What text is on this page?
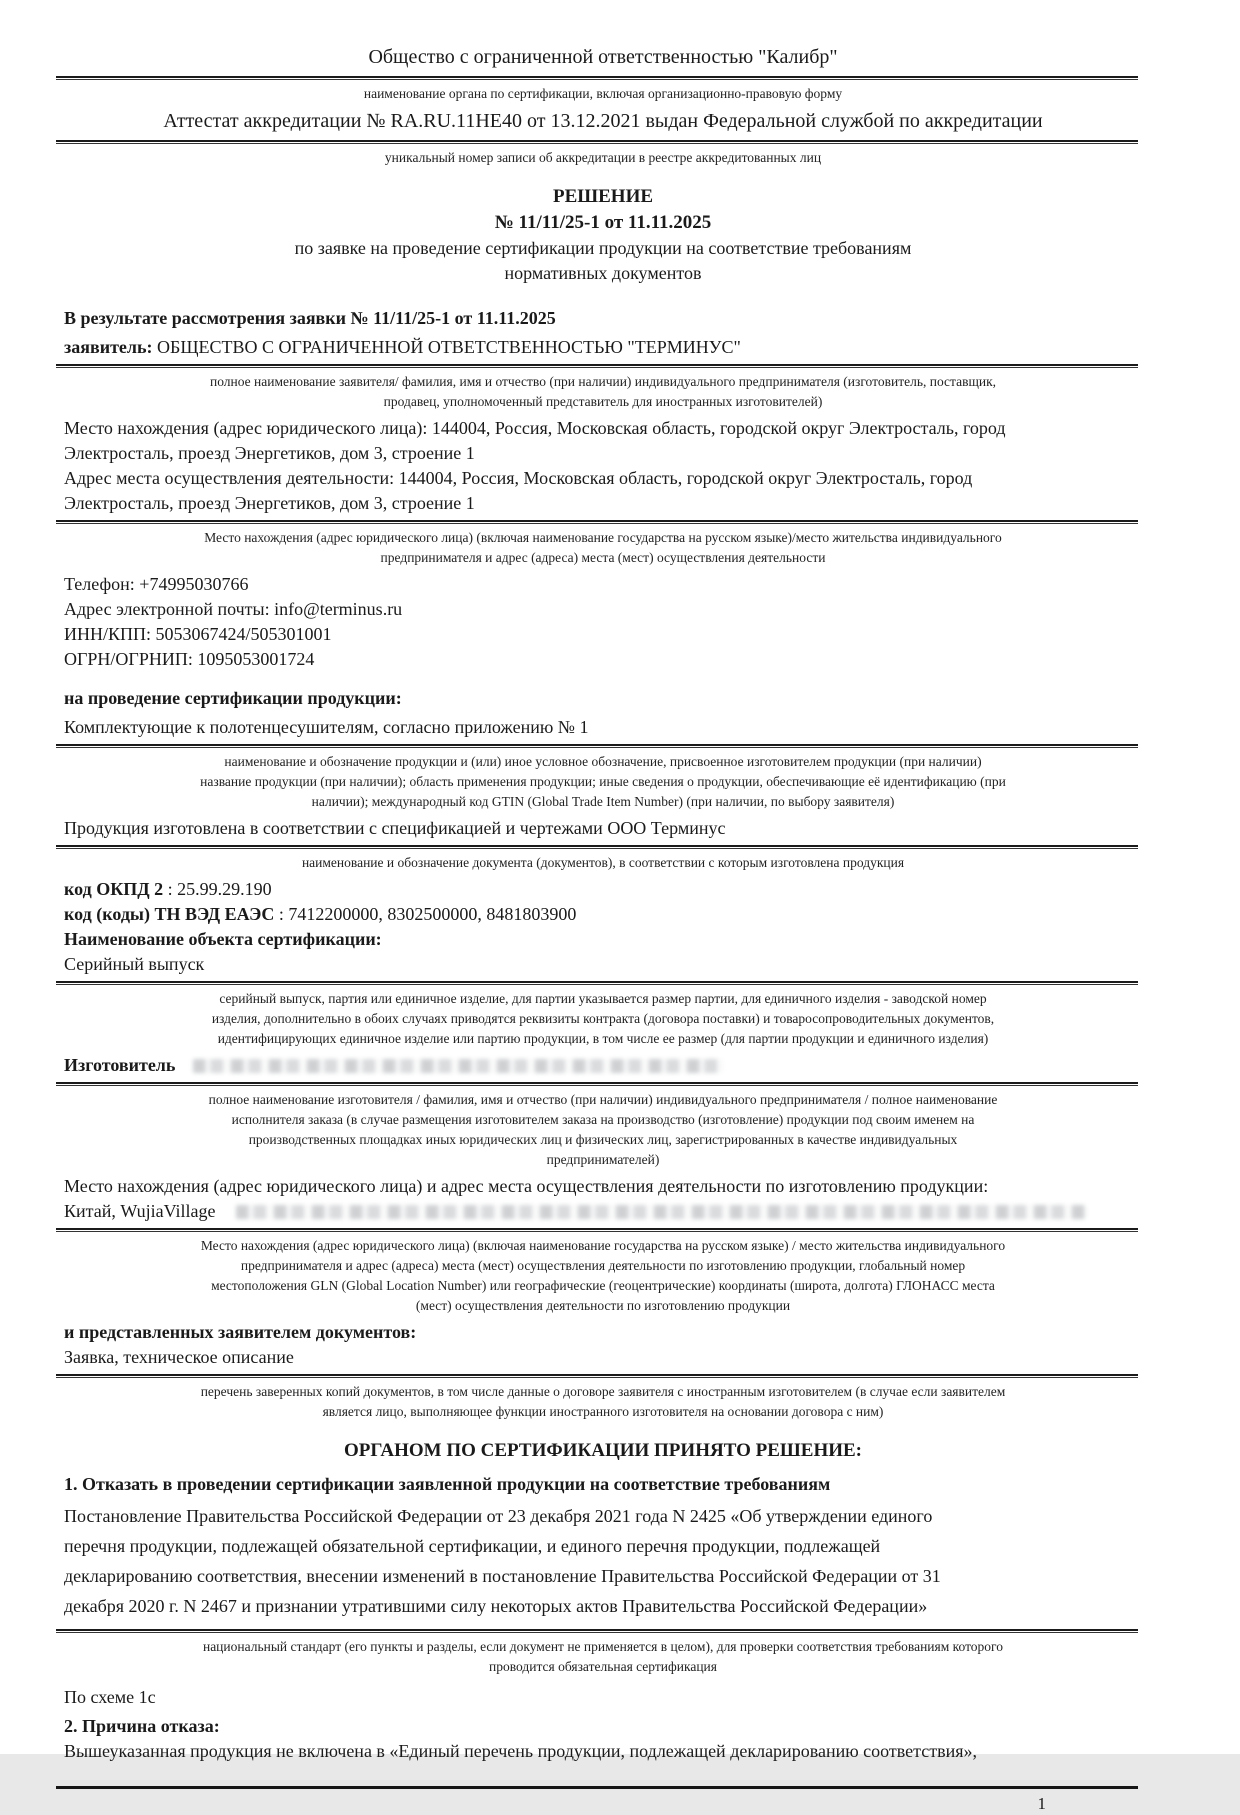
Общество с ограниченной ответственностью "Калибр"
наименование органа по сертификации, включая организационно-правовую форму
Аттестат аккредитации № RA.RU.11HE40 от 13.12.2021 выдан Федеральной службой по аккредитации
уникальный номер записи об аккредитации в реестре аккредитованных лиц
РЕШЕНИЕ
№ 11/11/25-1 от 11.11.2025
по заявке на проведение сертификации продукции на соответствие требованиям
нормативных документов
В результате рассмотрения заявки № 11/11/25-1 от 11.11.2025
заявитель: ОБЩЕСТВО С ОГРАНИЧЕННОЙ ОТВЕТСТВЕННОСТЬЮ "ТЕРМИНУС"
полное наименование заявителя/ фамилия, имя и отчество (при наличии) индивидуального предпринимателя (изготовитель, поставщик,
продавец, уполномоченный представитель для иностранных изготовителей)
Место нахождения (адрес юридического лица): 144004, Россия, Московская область, городской округ Электросталь, город
Электросталь, проезд Энергетиков, дом 3, строение 1
Адрес места осуществления деятельности: 144004, Россия, Московская область, городской округ Электросталь, город
Электросталь, проезд Энергетиков, дом 3, строение 1
Место нахождения (адрес юридического лица) (включая наименование государства на русском языке)/место жительства индивидуального
предпринимателя и адрес (адреса) места (мест) осуществления деятельности
Телефон: +74995030766
Адрес электронной почты: info@terminus.ru
ИНН/КПП: 5053067424/505301001
ОГРН/ОГРНИП: 1095053001724
на проведение сертификации продукции:
Комплектующие к полотенцесушителям, согласно приложению № 1
наименование и обозначение продукции и (или) иное условное обозначение, присвоенное изготовителем продукции (при наличии)
название продукции (при наличии); область применения продукции; иные сведения о продукции, обеспечивающие её идентификацию (при
наличии); международный код GTIN (Global Trade Item Number) (при наличии, по выбору заявителя)
Продукция изготовлена в соответствии с спецификацией и чертежами ООО Терминус
наименование и обозначение документа (документов), в соответствии с которым изготовлена продукция
код ОКПД 2 : 25.99.29.190
код (коды) ТН ВЭД ЕАЭС : 7412200000, 8302500000, 8481803900
Наименование объекта сертификации:
Серийный выпуск
серийный выпуск, партия или единичное изделие, для партии указывается размер партии, для единичного изделия - заводской номер
изделия, дополнительно в обоих случаях приводятся реквизиты контракта (договора поставки) и товаросопроводительных документов,
идентифицирующих единичное изделие или партию продукции, в том числе ее размер (для партии продукции и единичного изделия)
Изготовитель
полное наименование изготовителя / фамилия, имя и отчество (при наличии) индивидуального предпринимателя / полное наименование
исполнителя заказа (в случае размещения изготовителем заказа на производство (изготовление) продукции под своим именем на
производственных площадках иных юридических лиц и физических лиц, зарегистрированных в качестве индивидуальных
предпринимателей)
Место нахождения (адрес юридического лица) и адрес места осуществления деятельности по изготовлению продукции:
Китай, WujiaVillage
Место нахождения (адрес юридического лица) (включая наименование государства на русском языке) / место жительства индивидуального
предпринимателя и адрес (адреса) места (мест) осуществления деятельности по изготовлению продукции, глобальный номер
местоположения GLN (Global Location Number) или географические (геоцентрические) координаты (широта, долгота) ГЛОНАСС места
(мест) осуществления деятельности по изготовлению продукции
и представленных заявителем документов:
Заявка, техническое описание
перечень заверенных копий документов, в том числе данные о договоре заявителя с иностранным изготовителем (в случае если заявителем
является лицо, выполняющее функции иностранного изготовителя на основании договора с ним)
ОРГАНОМ ПО СЕРТИФИКАЦИИ ПРИНЯТО РЕШЕНИЕ:
1. Отказать в проведении сертификации заявленной продукции на соответствие требованиям
Постановление Правительства Российской Федерации от 23 декабря 2021 года N 2425 «Об утверждении единого
перечня продукции, подлежащей обязательной сертификации, и единого перечня продукции, подлежащей
декларированию соответствия, внесении изменений в постановление Правительства Российской Федерации от 31
декабря 2020 г. N 2467 и признании утратившими силу некоторых актов Правительства Российской Федерации»
национальный стандарт (его пункты и разделы, если документ не применяется в целом), для проверки соответствия требованиям которого
проводится обязательная сертификация
По схеме 1с
2. Причина отказа:
Вышеуказанная продукция не включена в «Единый перечень продукции, подлежащей декларированию соответствия»,
1
